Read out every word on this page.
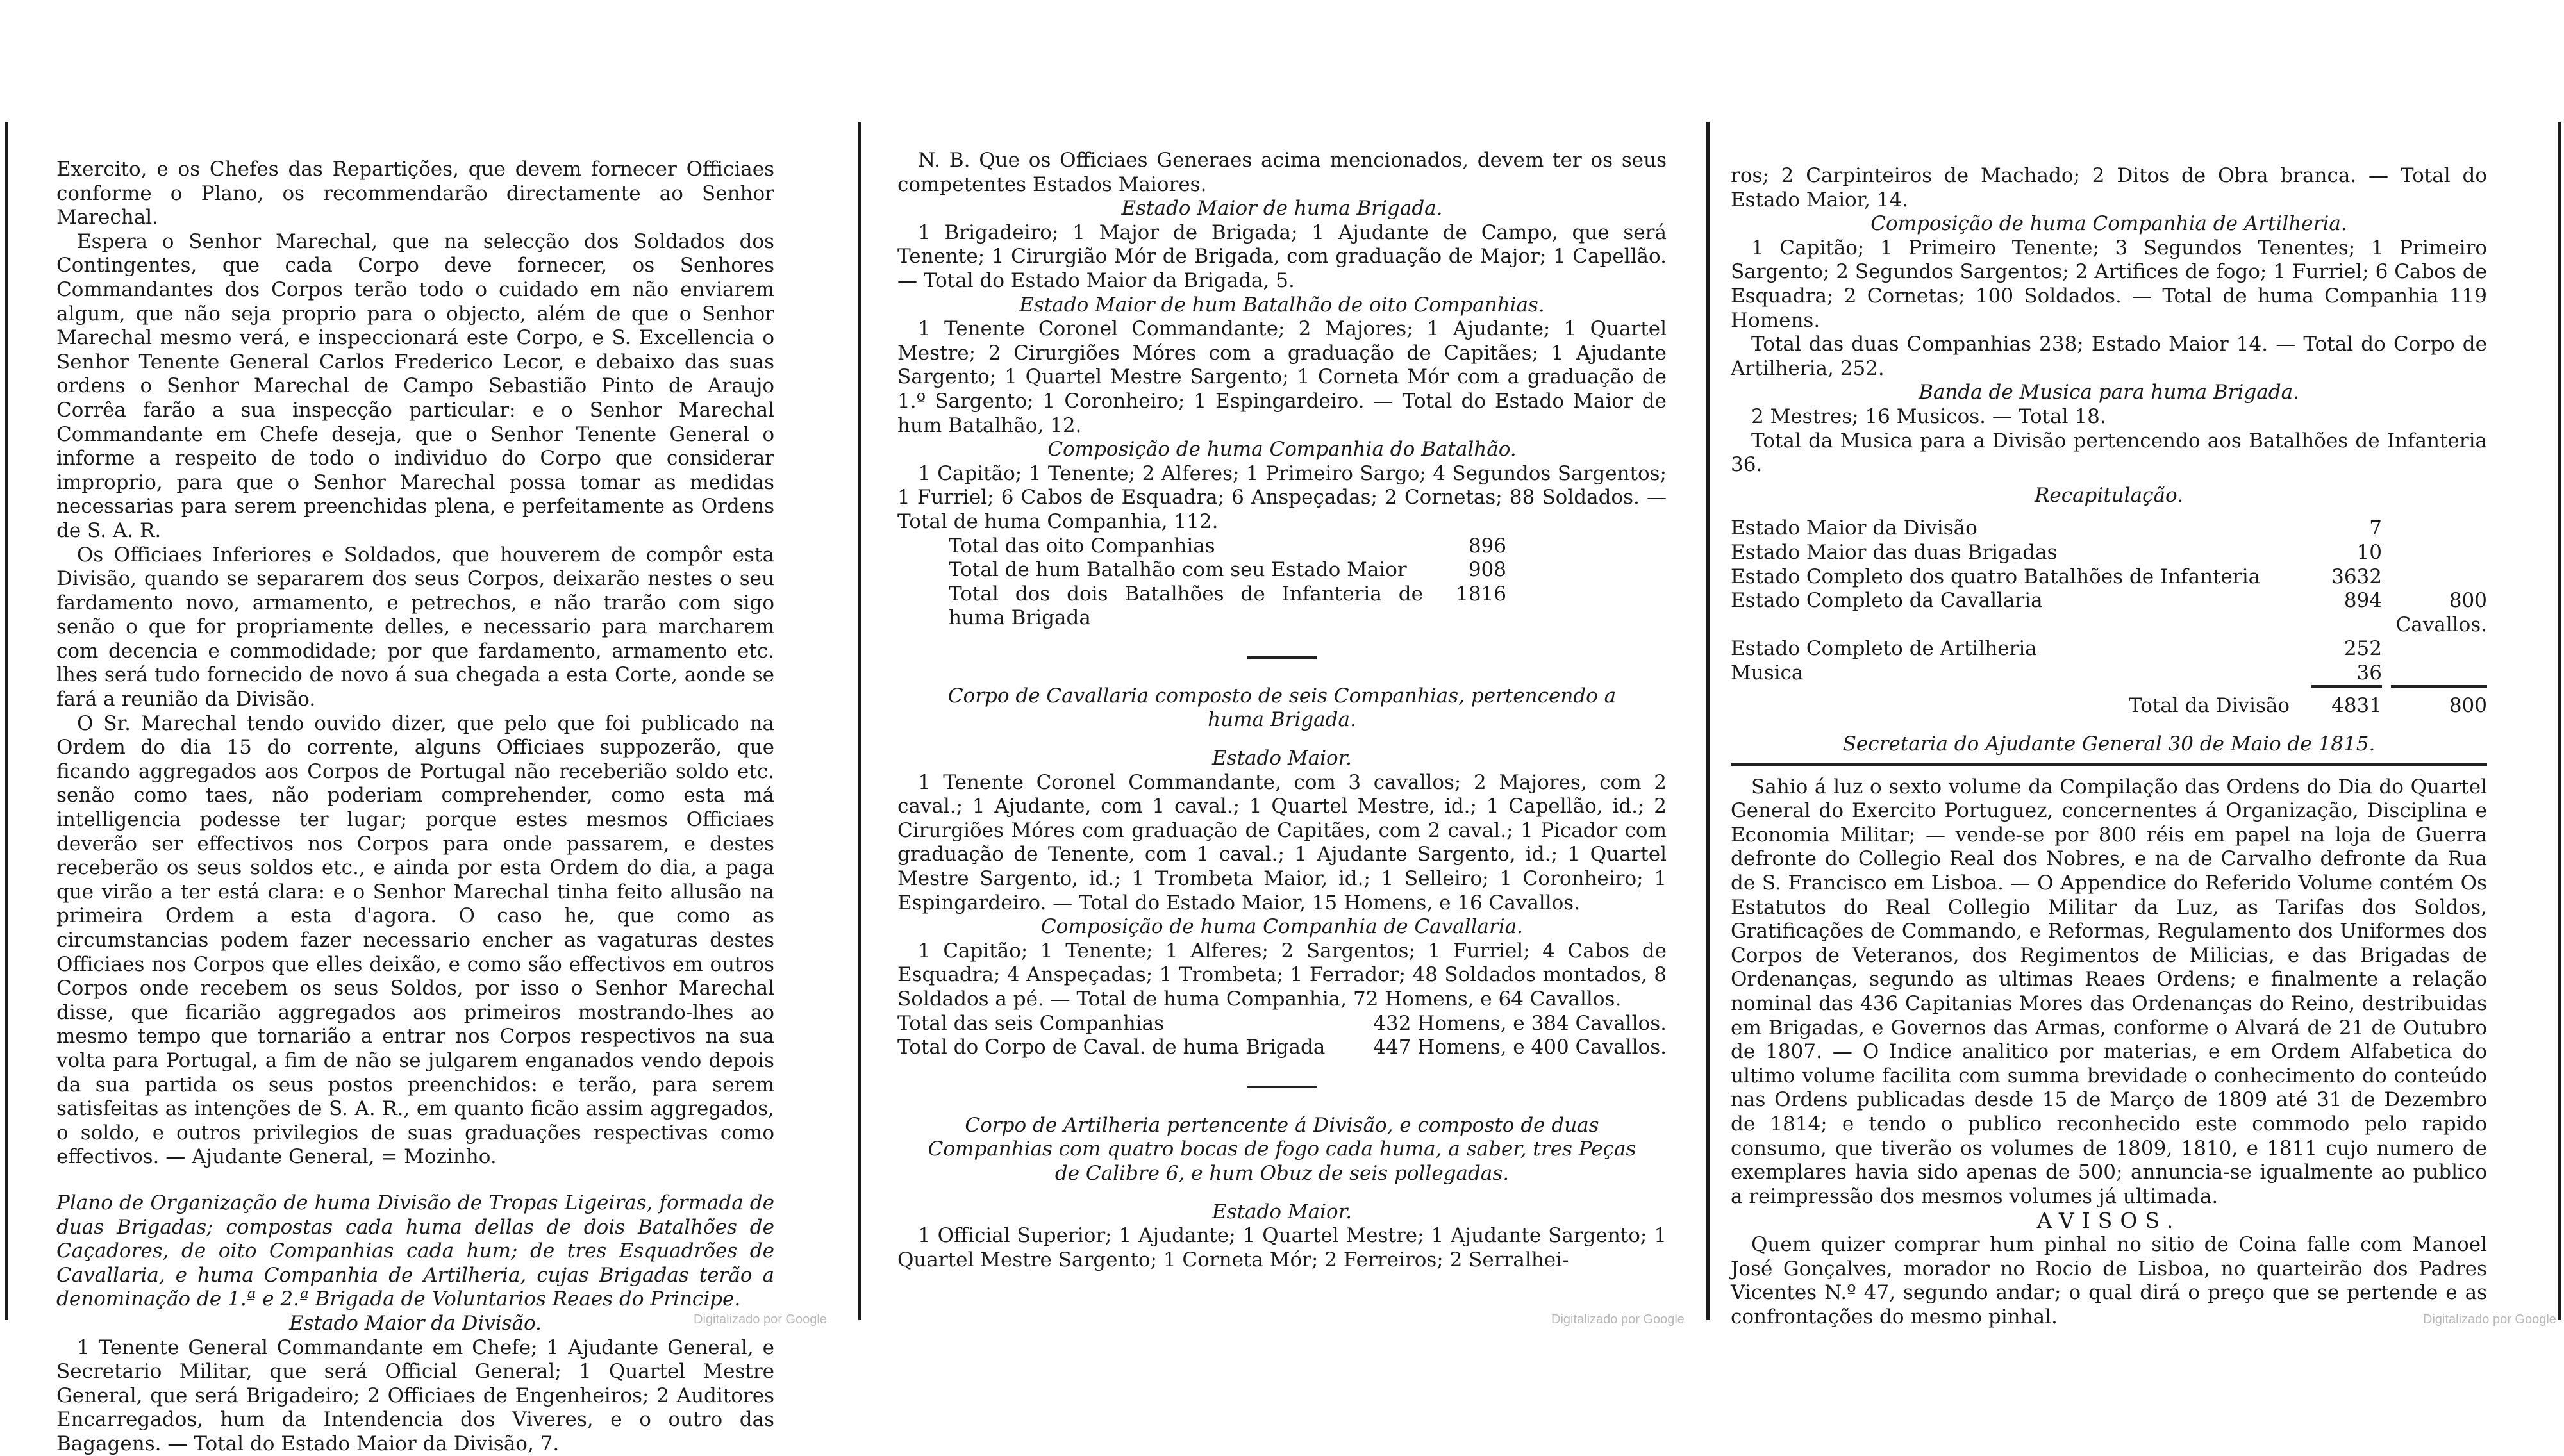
Exercito, e os Chefes das Repartições, que devem fornecer Officiaes conforme o Plano, os recommendarão directamente ao Senhor Marechal.

Espera o Senhor Marechal, que na selecção dos Soldados dos Contingentes, que cada Corpo deve fornecer, os Senhores Commandantes dos Corpos terão todo o cuidado em não enviarem algum, que não seja proprio para o objecto, além de que o Senhor Marechal mesmo verá, e inspeccionará este Corpo, e S. Excellencia o Senhor Tenente General Carlos Frederico Lecor, e debaixo das suas ordens o Senhor Marechal de Campo Sebastião Pinto de Araujo Corrêa farão a sua inspecção particular: e o Senhor Marechal Commandante em Chefe deseja, que o Senhor Tenente General o informe a respeito de todo o individuo do Corpo que considerar improprio, para que o Senhor Marechal possa tomar as medidas necessarias para serem preenchidas plena, e perfeitamente as Ordens de S. A. R.

Os Officiaes Inferiores e Soldados, que houverem de compôr esta Divisão, quando se separarem dos seus Corpos, deixarão nestes o seu fardamento novo, armamento, e petrechos, e não trarão com sigo senão o que for propriamente delles, e necessario para marcharem com decencia e commodidade; por que fardamento, armamento etc. lhes será tudo fornecido de novo á sua chegada a esta Corte, aonde se fará a reunião da Divisão.

O Sr. Marechal tendo ouvido dizer, que pelo que foi publicado na Ordem do dia 15 do corrente, alguns Officiaes suppozerão, que ficando aggregados aos Corpos de Portugal não receberião soldo etc. senão como taes, não poderiam comprehender, como esta má intelligencia podesse ter lugar; porque estes mesmos Officiaes deverão ser effectivos nos Corpos para onde passarem, e destes receberão os seus soldos etc., e ainda por esta Ordem do dia, a paga que virão a ter está clara: e o Senhor Marechal tinha feito allusão na primeira Ordem a esta d'agora. O caso he, que como as circumstancias podem fazer necessario encher as vagaturas destes Officiaes nos Corpos que elles deixão, e como são effectivos em outros Corpos onde recebem os seus Soldos, por isso o Senhor Marechal disse, que ficarião aggregados aos primeiros mostrando-lhes ao mesmo tempo que tornarião a entrar nos Corpos respectivos na sua volta para Portugal, a fim de não se julgarem enganados vendo depois da sua partida os seus postos preenchidos: e terão, para serem satisfeitas as intenções de S. A. R., em quanto ficão assim aggregados, o soldo, e outros privilegios de suas graduações respectivas como effectivos. — Ajudante General, = Mozinho.

Plano de Organização de huma Divisão de Tropas Ligeiras, formada de duas Brigadas; compostas cada huma dellas de dois Batalhões de Caçadores, de oito Companhias cada hum; de tres Esquadrões de Cavallaria, e huma Companhia de Artilheria, cujas Brigadas terão a denominação de 1.ª e 2.ª Brigada de Voluntarios Reaes do Principe.

Estado Maior da Divisão.

1 Tenente General Commandante em Chefe; 1 Ajudante General, e Secretario Militar, que será Official General; 1 Quartel Mestre General, que será Brigadeiro; 2 Officiaes de Engenheiros; 2 Auditores Encarregados, hum da Intendencia dos Viveres, e o outro das Bagagens. — Total do Estado Maior da Divisão, 7.

N. B. Que os Officiaes Generaes acima mencionados, devem ter os seus competentes Estados Maiores.

Estado Maior de huma Brigada.

1 Brigadeiro; 1 Major de Brigada; 1 Ajudante de Campo, que será Tenente; 1 Cirurgião Mór de Brigada, com graduação de Major; 1 Capellão. — Total do Estado Maior da Brigada, 5.

Estado Maior de hum Batalhão de oito Companhias.

1 Tenente Coronel Commandante; 2 Majores; 1 Ajudante; 1 Quartel Mestre; 2 Cirurgiões Móres com a graduação de Capitães; 1 Ajudante Sargento; 1 Quartel Mestre Sargento; 1 Corneta Mór com a graduação de 1.º Sargento; 1 Coronheiro; 1 Espingardeiro. — Total do Estado Maior de hum Batalhão, 12.

Composição de huma Companhia do Batalhão.

1 Capitão; 1 Tenente; 2 Alferes; 1 Primeiro Sargo; 4 Segundos Sargentos; 1 Furriel; 6 Cabos de Esquadra; 6 Anspeçadas; 2 Cornetas; 88 Soldados. — Total de huma Companhia, 112.

Total das oito Companhias	896
Total de hum Batalhão com seu Estado Maior	908
Total dos dois Batalhões de Infanteria de huma Brigada
1816

Corpo de Cavallaria composto de seis Companhias, pertencendo a huma Brigada.

Estado Maior.

1 Tenente Coronel Commandante, com 3 cavallos; 2 Majores, com 2 caval.; 1 Ajudante, com 1 caval.; 1 Quartel Mestre, id.; 1 Capellão, id.; 2 Cirurgiões Móres com graduação de Capitães, com 2 caval.; 1 Picador com graduação de Tenente, com 1 caval.; 1 Ajudante Sargento, id.; 1 Quartel Mestre Sargento, id.; 1 Trombeta Maior, id.; 1 Selleiro; 1 Coronheiro; 1 Espingardeiro. — Total do Estado Maior, 15 Homens, e 16 Cavallos.

Composição de huma Companhia de Cavallaria.

1 Capitão; 1 Tenente; 1 Alferes; 2 Sargentos; 1 Furriel; 4 Cabos de Esquadra; 4 Anspeçadas; 1 Trombeta; 1 Ferrador; 48 Soldados montados, 8 Soldados a pé. — Total de huma Companhia, 72 Homens, e 64 Cavallos.

Total das seis Companhias	432 Homens, e 384 Cavallos.
Total do Corpo de Caval. de huma Brigada 447 Homens, e 400 Cavallos.

Corpo de Artilheria pertencente á Divisão, e composto de duas Companhias com quatro bocas de fogo cada huma, a saber, tres Peças de Calibre 6, e hum Obuz de seis pollegadas.

Estado Maior.

1 Official Superior; 1 Ajudante; 1 Quartel Mestre; 1 Ajudante Sargento; 1 Quartel Mestre Sargento; 1 Corneta Mór; 2 Ferreiros; 2 Serralhei-

ros; 2 Carpinteiros de Machado; 2 Ditos de Obra branca. — Total do Estado Maior, 14.

Composição de huma Companhia de Artilheria.

1 Capitão; 1 Primeiro Tenente; 3 Segundos Tenentes; 1 Primeiro Sargento; 2 Segundos Sargentos; 2 Artifices de fogo; 1 Furriel; 6 Cabos de Esquadra; 2 Cornetas; 100 Soldados. — Total de huma Companhia 119 Homens.

Total das duas Companhias 238; Estado Maior 14. — Total do Corpo de Artilheria, 252.

Banda de Musica para huma Brigada.

2 Mestres; 16 Musicos. — Total 18.

Total da Musica para a Divisão pertencendo aos Batalhões de Infanteria 36.

Recapitulação.

Estado Maior da Divisão	7
Estado Maior das duas Brigadas	10
Estado Completo dos quatro Batalhões de Infanteria	3632
Estado Completo da Cavallaria	894	800 Cavallos.
Estado Completo de Artilheria	252
Musica	36
Total da Divisão	4831	800

Secretaria do Ajudante General 30 de Maio de 1815.

Sahio á luz o sexto volume da Compilação das Ordens do Dia do Quartel General do Exercito Portuguez, concernentes á Organização, Disciplina e Economia Militar; — vende-se por 800 réis em papel na loja de Guerra defronte do Collegio Real dos Nobres, e na de Carvalho defronte da Rua de S. Francisco em Lisboa. — O Appendice do Referido Volume contém Os Estatutos do Real Collegio Militar da Luz, as Tarifas dos Soldos, Gratificações de Commando, e Reformas, Regulamento dos Uniformes dos Corpos de Veteranos, dos Regimentos de Milicias, e das Brigadas de Ordenanças, segundo as ultimas Reaes Ordens; e finalmente a relação nominal das 436 Capitanias Mores das Ordenanças do Reino, destribuidas em Brigadas, e Governos das Armas, conforme o Alvará de 21 de Outubro de 1807. — O Indice analitico por materias, e em Ordem Alfabetica do ultimo volume facilita com summa brevidade o conhecimento do conteúdo nas Ordens publicadas desde 15 de Março de 1809 até 31 de Dezembro de 1814; e tendo o publico reconhecido este commodo pelo rapido consumo, que tiverão os volumes de 1809, 1810, e 1811 cujo numero de exemplares havia sido apenas de 500; annuncia-se igualmente ao publico a reimpressão dos mesmos volumes já ultimada.

AVISOS.

Quem quizer comprar hum pinhal no sitio de Coina falle com Manoel José Gonçalves, morador no Rocio de Lisboa, no quarteirão dos Padres Vicentes N.º 47, segundo andar; o qual dirá o preço que se pertende e as confrontações do mesmo pinhal.

Digitalizado por Google	Digitalizado por Google	Digitalizado por Google
